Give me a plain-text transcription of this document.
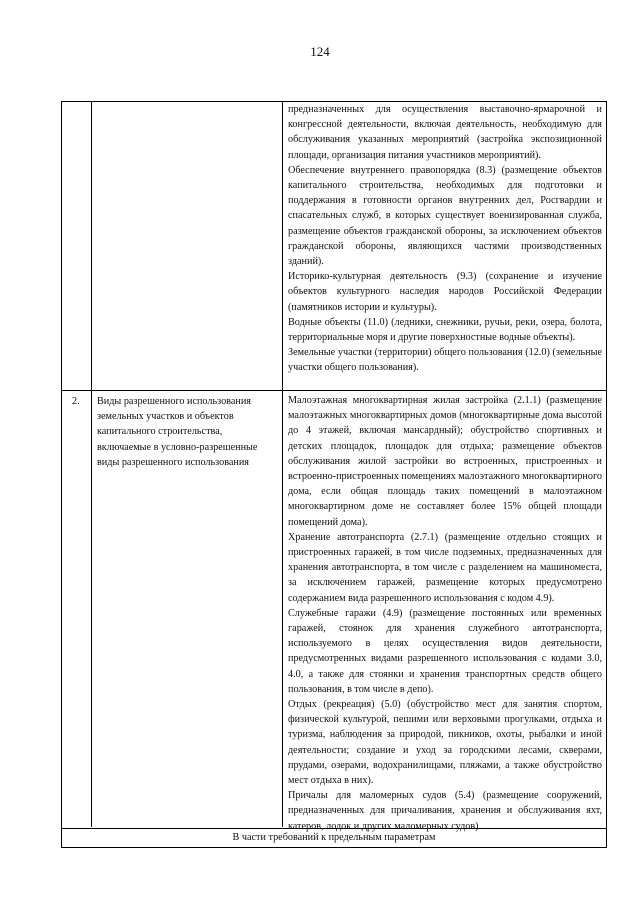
124

предназначенных для осуществления выставочно-ярмарочной и конгрессной деятельности, включая деятельность, необходимую для обслуживания указанных мероприятий (застройка экспозиционной площади, организация питания участников мероприятий).

Обеспечение внутреннего правопорядка (8.3) (размещение объектов капитального строительства, необходимых для подготовки и поддержания в готовности органов внутренних дел, Росгвардии и спасательных служб, в которых существует военизированная служба, размещение объектов гражданской обороны, за исключением объектов гражданской обороны, являющихся частями производственных зданий).

Историко-культурная деятельность (9.3) (сохранение и изучение объектов культурного наследия народов Российской Федерации (памятников истории и культуры).

Водные объекты (11.0) (ледники, снежники, ручьи, реки, озера, болота, территориальные моря и другие поверхностные водные объекты).

Земельные участки (территории) общего пользования (12.0) (земельные участки общего пользования).

2.	Виды разрешенного использования земельных участков и объектов капитального строительства, включаемые в условно-разрешенные виды разрешенного использования

Малоэтажная многоквартирная жилая застройка (2.1.1) (размещение малоэтажных многоквартирных домов (многоквартирные дома высотой до 4 этажей, включая мансардный); обустройство спортивных и детских площадок, площадок для отдыха; размещение объектов обслуживания жилой застройки во встроенных, пристроенных и встроенно-пристроенных помещениях малоэтажного многоквартирного дома, если общая площадь таких помещений в малоэтажном многоквартирном доме не составляет более 15% общей площади помещений дома).

Хранение автотранспорта (2.7.1) (размещение отдельно стоящих и пристроенных гаражей, в том числе подземных, предназначенных для хранения автотранспорта, в том числе с разделением на машиноместа, за исключением гаражей, размещение которых предусмотрено содержанием вида разрешенного использования с кодом 4.9).

Служебные гаражи (4.9) (размещение постоянных или временных гаражей, стоянок для хранения служебного автотранспорта, используемого в целях осуществления видов деятельности, предусмотренных видами разрешенного использования с кодами 3.0, 4.0, а также для стоянки и хранения транспортных средств общего пользования, в том числе в депо).

Отдых (рекреация) (5.0) (обустройство мест для занятия спортом, физической культурой, пешими или верховыми прогулками, отдыха и туризма, наблюдения за природой, пикников, охоты, рыбалки и иной деятельности; создание и уход за городскими лесами, скверами, прудами, озерами, водохранилищами, пляжами, а также обустройство мест отдыха в них).

Причалы для маломерных судов (5.4) (размещение сооружений, предназначенных для причаливания, хранения и обслуживания яхт, катеров, лодок и других маломерных судов).

В части требований к предельным параметрам
